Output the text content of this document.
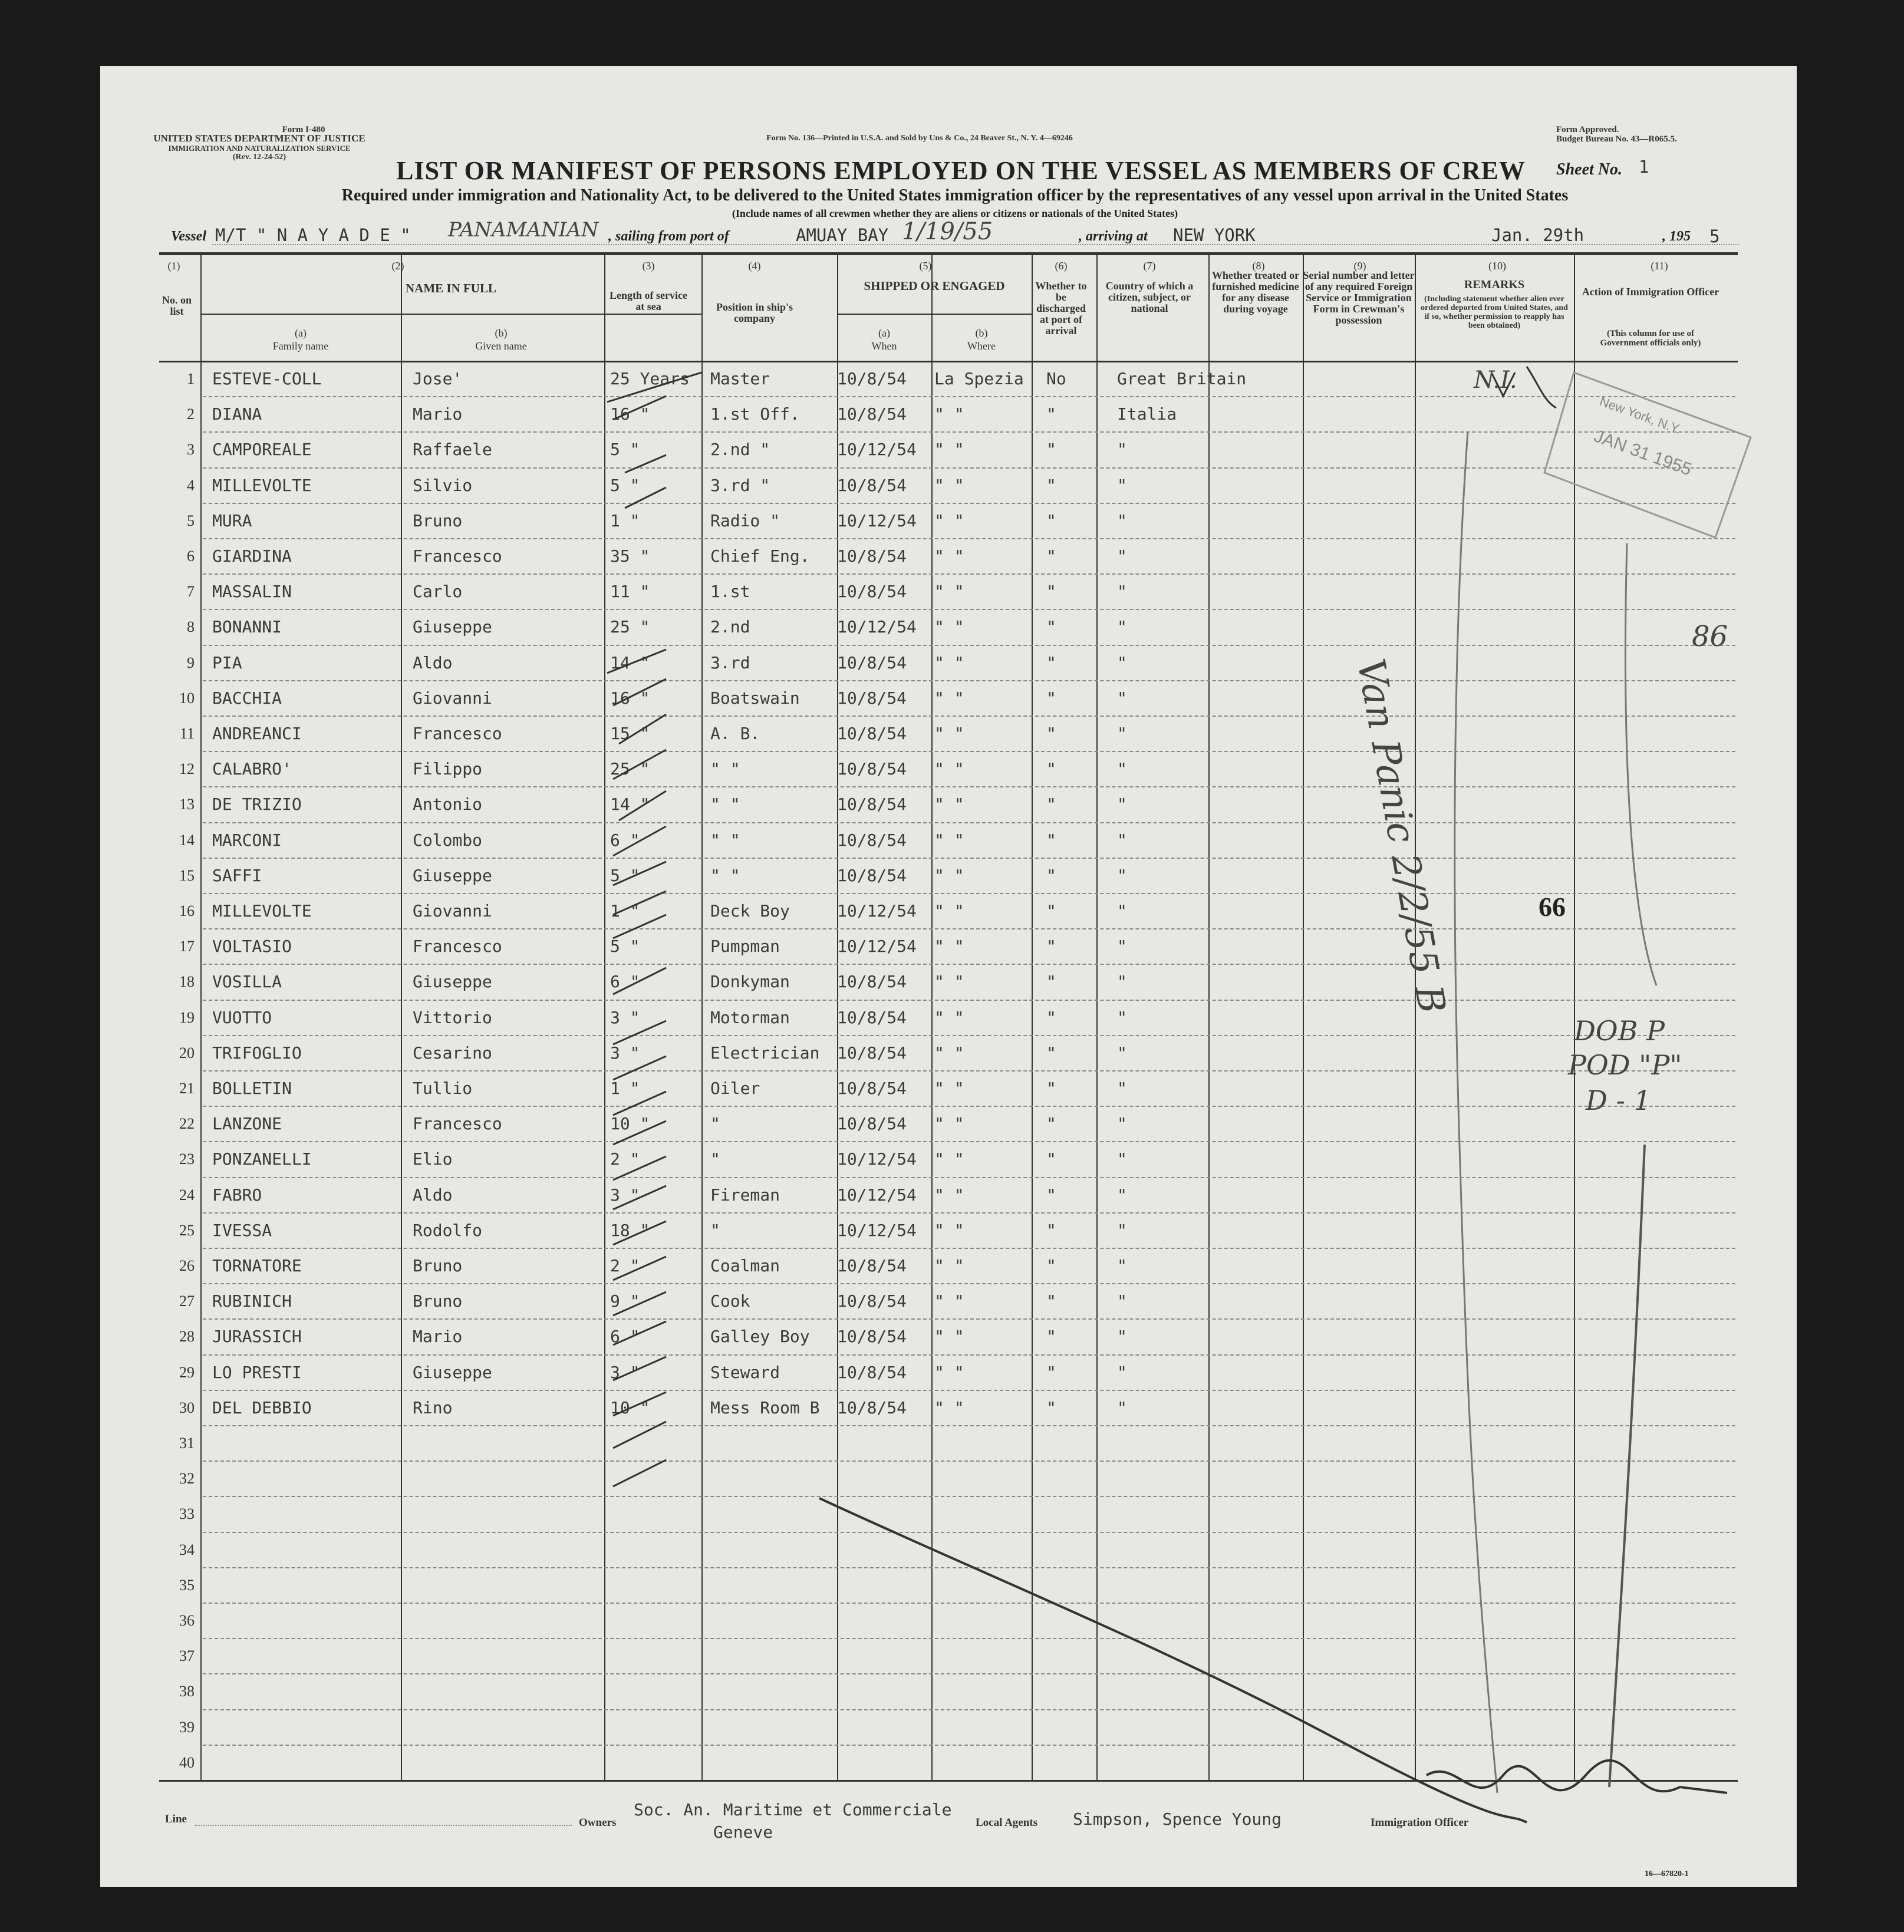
Form I-480
UNITED STATES DEPARTMENT OF JUSTICE
IMMIGRATION AND NATURALIZATION SERVICE
(Rev. 12-24-52)
Form No. 136—Printed in U.S.A. and Sold by Uns & Co., 24 Beaver St., N. Y. 4—69246
Form Approved.
Budget Bureau No. 43—R065.5.
LIST OR MANIFEST OF PERSONS EMPLOYED ON THE VESSEL AS MEMBERS OF CREW	Sheet No. 1
Required under immigration and Nationality Act, to be delivered to the United States immigration officer by the representatives of any vessel upon arrival in the United States
(Include names of all crewmen whether they are aliens or citizens or nationals of the United States)
Vessel M/T " N A Y A D E " PANAMANIAN , sailing from port of	AMUAY BAY 1/19/55	, arriving at NEW YORK	Jan. 29th	, 195 5
(1)	(2)	(3)	(4)	(5)	(6)	(7)	(8)	(9)	(10)	(11)
No. on list
NAME IN FULL
(a)
Family name
(b)
Given name
Length of service at sea	Position in ship's company
SHIPPED OR ENGAGED
(a)
When
(b)
Where
Whether to be discharged at port of arrival
Country of which a citizen, subject, or national
Whether treated or furnished medicine for any disease during voyage
Serial number and letter of any required Foreign Service or Immigration Form in Crewman's possession
REMARKS
(Including statement whether alien ever ordered deported from United States, and if so, whether permission to reapply has been obtained)
Action of Immigration Officer
(This column for use of Government officials only)
1 ESTEVE-COLL	Jose'	25 Years Master	10/8/54 La Spezia No	Great Britain
2 DIANA	Mario	16 "	1.st Off. 10/8/54 " "	"	Italia
3 CAMPOREALE	Raffaele	5 "	2.nd "	10/12/54 " "	"	"
4 MILLEVOLTE	Silvio	5 "	3.rd "	10/8/54 " "	"	"
5 MURA	Bruno	1 "	Radio "	10/12/54 " "	"	"
6 GIARDINA	Francesco	35 "	Chief Eng. 10/8/54 " "	"	"
7 MASSALIN	Carlo	11 "	1.st	10/8/54 " "	"	"
8 BONANNI	Giuseppe	25 "	2.nd	10/12/54 " "	"	"
9 PIA	Aldo	14 "	3.rd	10/8/54 " "	"	"
10 BACCHIA	Giovanni	16 "	Boatswain 10/8/54 " "	"	"
11 ANDREANCI	Francesco	15 "	A. B.	10/8/54 " "	"	"
12 CALABRO'	Filippo	25 "	" "	10/8/54 " "	"	"
13 DE TRIZIO	Antonio	14 "	" "	10/8/54 " "	"	"
14 MARCONI	Colombo	6 "	" "	10/8/54 " "	"	"
15 SAFFI	Giuseppe	5 "	" "	10/8/54 " "	"	"
16 MILLEVOLTE	Giovanni	1 "	Deck Boy	10/12/54 " "	"	"
17 VOLTASIO	Francesco	5 "	Pumpman	10/12/54 " "	"	"
18 VOSILLA	Giuseppe	6 "	Donkyman	10/8/54 " "	"	"
19 VUOTTO	Vittorio	3 "	Motorman	10/8/54 " "	"	"
20 TRIFOGLIO	Cesarino	3 "	Electrician 10/8/54 " "	"	"
21 BOLLETIN	Tullio	1 "	Oiler	10/8/54 " "	"	"
22 LANZONE	Francesco	10 "	"	10/8/54 " "	"	"
23 PONZANELLI	Elio	2 "	"	10/12/54 " "	"	"
24 FABRO	Aldo	3 "	Fireman	10/12/54 " "	"	"
25 IVESSA	Rodolfo	18 "	"	10/12/54 " "	"	"
26 TORNATORE	Bruno	2 "	Coalman	10/8/54 " "	"	"
27 RUBINICH	Bruno	9 "	Cook	10/8/54 " "	"	"
28 JURASSICH	Mario	6 "	Galley Boy 10/8/54 " "	"	"
29 LO PRESTI	Giuseppe	3 "	Steward	10/8/54 " "	"	"
30 DEL DEBBIO	Rino	10 "	Mess Room B 10/8/54 " "	"	"
31
32
33
34
35
36
37
38
39
40
New York, N.Y.
JAN 31 1955
N.I.
Van Panic 2/2/55 B
86
66
DOB P
POD "P"
D - 1
Line	Owners
Soc. An. Maritime et Commerciale
Geneve	Local Agents Simpson, Spence Young	Immigration Officer
16—67820-1
